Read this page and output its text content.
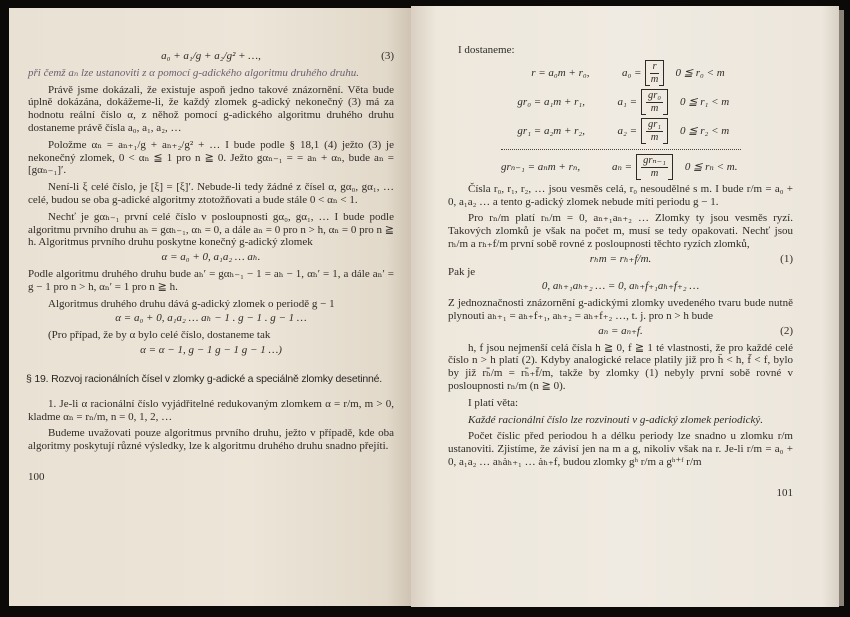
a₀ + a₁/g + a₂/g² + …,	(3)

při čemž aₙ lze ustanoviti z α pomocí g-adického algoritmu druhého druhu.

Právě jsme dokázali, že existuje aspoň jedno takové znázornění. Věta bude úplně dokázána, dokážeme-li, že každý zlomek g-adický nekonečný (3) má za hodnotu reální číslo α, z něhož pomocí g-adického algoritmu druhého druhu dostaneme právě čísla a₀, a₁, a₂, …

Položme αₙ = aₙ₊₁/g + aₙ₊₂/g² + … I bude podle § 18,1 (4) ježto (3) je nekonečný zlomek, 0 < αₙ ≦ 1 pro n ≧ 0. Ježto gαₙ₋₁ = = aₙ + αₙ, bude aₙ = [gαₙ₋₁]′.

Není-li ξ celé číslo, je [ξ] = [ξ]′. Nebude-li tedy žádné z čísel α, gα₀, gα₁, … celé, budou se oba g-adické algoritmy ztotožňovati a bude stále 0 < αₙ < 1.

Nechť je gαₕ₋₁ první celé číslo v posloupnosti gα₀, gα₁, … I bude podle algoritmu prvního druhu aₕ = gαₕ₋₁, αₕ = 0, a dále aₙ = 0 pro n > h, αₙ = 0 pro n ≧ h. Algoritmus prvního druhu poskytne konečný g-adický zlomek

α = a₀ + 0, a₁a₂ … aₕ.

Podle algoritmu druhého druhu bude aₕ′ = gαₕ₋₁ − 1 = aₕ − 1, αₕ′ = 1, a dále aₙ′ = g − 1 pro n > h, αₙ′ = 1 pro n ≧ h.

Algoritmus druhého druhu dává g-adický zlomek o periodě g − 1

α = a₀ + 0, a₁a₂ … aₕ − 1 . g − 1 . g − 1 …

(Pro případ, že by α bylo celé číslo, dostaneme tak

α = α − 1, g − 1 g − 1 g − 1 …)
§ 19. Rozvoj racionálních čísel v zlomky g-adické a speciálně zlomky desetinné.

1. Je-li α racionální číslo vyjádřitelné redukovaným zlomkem α = r/m, m > 0, kladme αₙ = rₙ/m, n = 0, 1, 2, …

Budeme uvažovati pouze algoritmus prvního druhu, ježto v případě, kde oba algoritmy poskytují různé výsledky, lze k algoritmu druhého druhu snadno přejíti.

100

I dostaneme:

r = a₀m + r₀,	$a_0 = \frac{r}{m} 0$ ≦ r₀ < m
gr₀ = a₁m + r₁,	$a_1 = \frac{\text{gr₀}}{m} 0$ ≦ r₁ < m
gr₁ = a₂m + r₂,	$a_2 = \frac{\text{gr₁}}{m} 0$ ≦ r₂ < m
grₙ₋₁ = aₙm + rₙ,	$a_n = \frac{\text{grₙ₋₁}}{m} 0$ ≦ rₙ < m.

Čísla r₀, r₁, r₂, … jsou vesměs celá, r₀ nesoudělné s m. I bude r/m = a₀ + 0, a₁a₂ … a tento g-adický zlomek nebude míti periodu g − 1.

Pro rₙ/m platí rₙ/m = 0, aₙ₊₁aₙ₊₂ … Zlomky ty jsou vesměs ryzí. Takových zlomků je však na počet m, musí se tedy opakovati. Nechť jsou rₕ/m a rₕ₊f/m první sobě rovné z posloupnosti těchto ryzích zlomků,

rₕm = rₕ₊f/m.	(1)

Pak je

0, aₕ₊₁aₕ₊₂ … = 0, aₕ₊f₊₁aₕ₊f₊₂ …

Z jednoznačnosti znázornění g-adickými zlomky uvedeného tvaru bude nutně plynouti aₕ₊₁ = aₕ₊f₊₁, aₕ₊₂ = aₕ₊f₊₂ …, t. j. pro n > h bude

aₙ = aₙ₊f.	(2)

h, f jsou nejmenší celá čísla h ≧ 0, f ≧ 1 té vlastnosti, že pro každé celé číslo n > h platí (2). Kdyby analogické relace platily již pro h̄ < h, f̄ < f, bylo by již rₕ̄/m = rₕ̄₊f̄/m, takže by zlomky (1) nebyly první sobě rovné v posloupnosti rₙ/m (n ≧ 0).

I platí věta:

Každé racionální číslo lze rozvinouti v g-adický zlomek periodický.

Počet číslic před periodou h a délku periody lze snadno u zlomku r/m ustanoviti. Zjistíme, že závisí jen na m a g, nikoliv však na r. Je-li r/m = a₀ + 0, a₁a₂ … aₕȧₕ₊₁ … ȧₕ₊f, budou zlomky gʰ r/m a gʰ⁺ᶠ r/m

101
